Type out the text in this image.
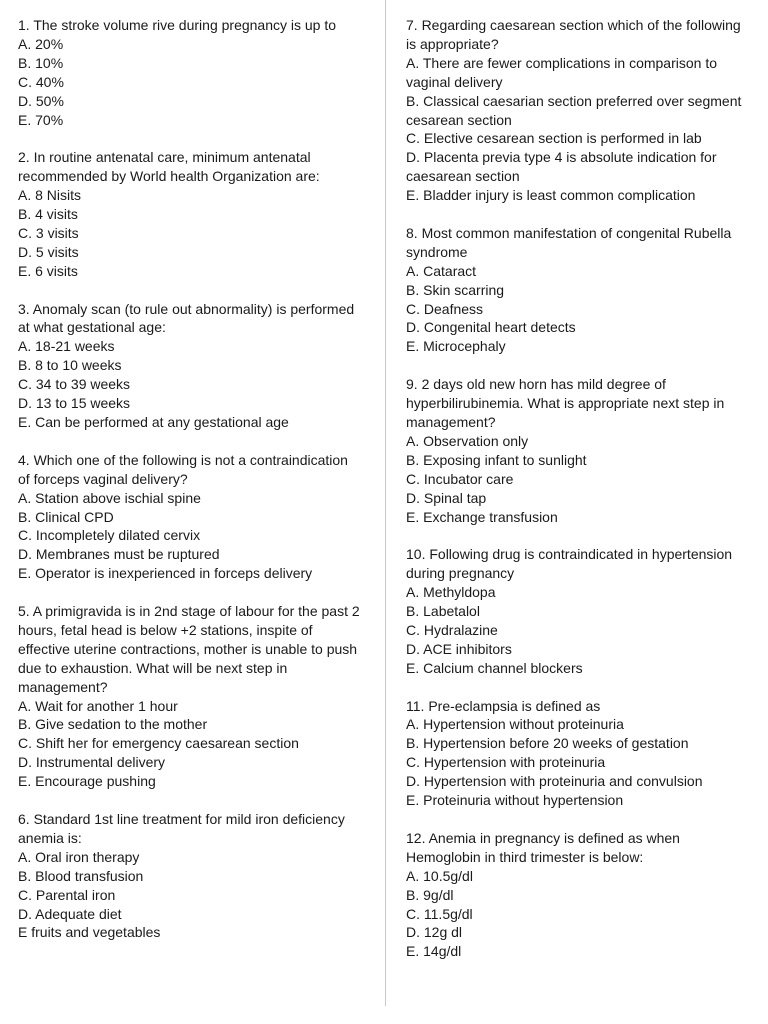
1. The stroke volume rive during pregnancy is up to

A. 20%
B. 10%
C. 40%
D. 50%
E. 70%

2. In routine antenatal care, minimum antenatal recommended by World health Organization are:

A. 8 Nisits
B. 4 visits
C. 3 visits
D. 5 visits
E. 6 visits

3. Anomaly scan (to rule out abnormality) is performed at what gestational age:

A. 18-21 weeks
B. 8 to 10 weeks
C. 34 to 39 weeks
D. 13 to 15 weeks
E. Can be performed at any gestational age

4. Which one of the following is not a contraindication of forceps vaginal delivery?

A. Station above ischial spine
B. Clinical CPD
C. Incompletely dilated cervix
D. Membranes must be ruptured
E. Operator is inexperienced in forceps delivery

5. A primigravida is in 2nd stage of labour for the past 2 hours, fetal head is below +2 stations, inspite of effective uterine contractions, mother is unable to push due to exhaustion. What will be next step in management?

A. Wait for another 1 hour
B. Give sedation to the mother
C. Shift her for emergency caesarean section
D. Instrumental delivery
E. Encourage pushing

6. Standard 1st line treatment for mild iron deficiency anemia is:

A. Oral iron therapy
B. Blood transfusion
C. Parental iron
D. Adequate diet
E fruits and vegetables

7. Regarding caesarean section which of the following is appropriate?

A. There are fewer complications in comparison to vaginal delivery
B. Classical caesarian section preferred over segment cesarean section
C. Elective cesarean section is performed in lab
D. Placenta previa type 4 is absolute indication for caesarean section
E. Bladder injury is least common complication

8. Most common manifestation of congenital Rubella syndrome

A. Cataract
B. Skin scarring
C. Deafness
D. Congenital heart detects
E. Microcephaly

9. 2 days old new horn has mild degree of hyperbilirubinemia. What is appropriate next step in management?

A. Observation only
B. Exposing infant to sunlight
C. Incubator care
D. Spinal tap
E. Exchange transfusion

10. Following drug is contraindicated in hypertension during pregnancy

A. Methyldopa
B. Labetalol
C. Hydralazine
D. ACE inhibitors
E. Calcium channel blockers

11. Pre-eclampsia is defined as

A. Hypertension without proteinuria
B. Hypertension before 20 weeks of gestation
C. Hypertension with proteinuria
D. Hypertension with proteinuria and convulsion
E. Proteinuria without hypertension

12. Anemia in pregnancy is defined as when Hemoglobin in third trimester is below:

A. 10.5g/dl
B. 9g/dl
C. 11.5g/dl
D. 12g dl
E. 14g/dl
